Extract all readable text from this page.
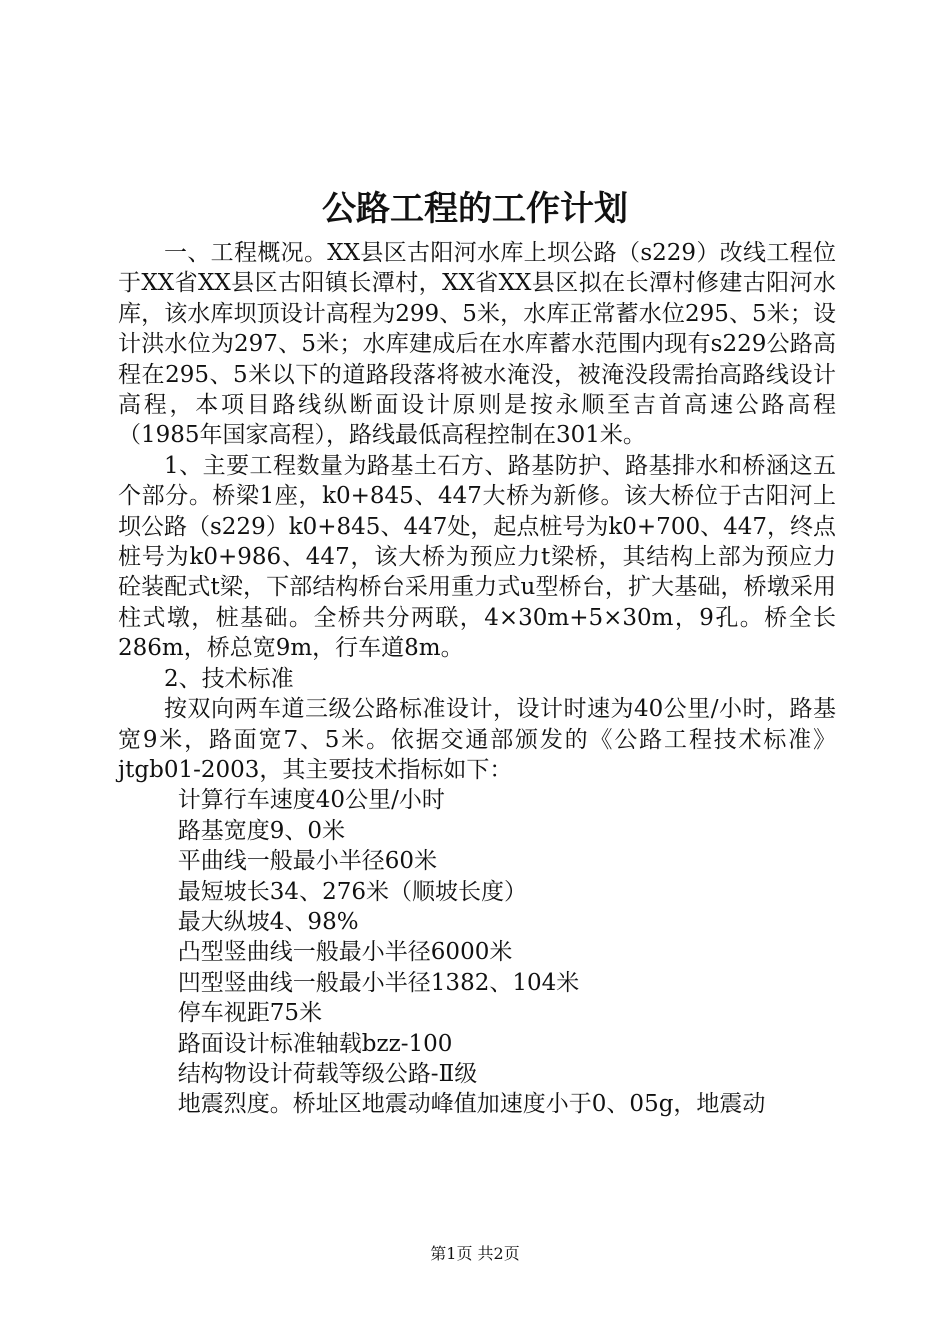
公路工程的工作计划

一、工程概况。XX县区古阳河水库上坝公路（s229）改线工程位于XX省XX县区古阳镇长潭村，XX省XX县区拟在长潭村修建古阳河水库，该水库坝顶设计高程为299、5米，水库正常蓄水位295、5米；设计洪水位为297、5米；水库建成后在水库蓄水范围内现有s229公路高程在295、5米以下的道路段落将被水淹没，被淹没段需抬高路线设计高程，本项目路线纵断面设计原则是按永顺至吉首高速公路高程（1985年国家高程），路线最低高程控制在301米。

1、主要工程数量为路基土石方、路基防护、路基排水和桥涵这五个部分。桥梁1座，k0+845、447大桥为新修。该大桥位于古阳河上坝公路（s229）k0+845、447处，起点桩号为k0+700、447，终点桩号为k0+986、447，该大桥为预应力t梁桥，其结构上部为预应力砼装配式t梁，下部结构桥台采用重力式u型桥台，扩大基础，桥墩采用柱式墩，桩基础。全桥共分两联，4×30m+5×30m，9孔。桥全长286m，桥总宽9m，行车道8m。

2、技术标准

按双向两车道三级公路标准设计，设计时速为40公里/小时，路基宽9米，路面宽7、5米。依据交通部颁发的《公路工程技术标准》jtgb01-2003，其主要技术指标如下：

计算行车速度40公里/小时

路基宽度9、0米

平曲线一般最小半径60米

最短坡长34、276米（顺坡长度）

最大纵坡4、98%

凸型竖曲线一般最小半径6000米

凹型竖曲线一般最小半径1382、104米

停车视距75米

路面设计标准轴载bzz-100

结构物设计荷载等级公路-Ⅱ级

地震烈度。桥址区地震动峰值加速度小于0、05g，地震动

第1页 共2页
